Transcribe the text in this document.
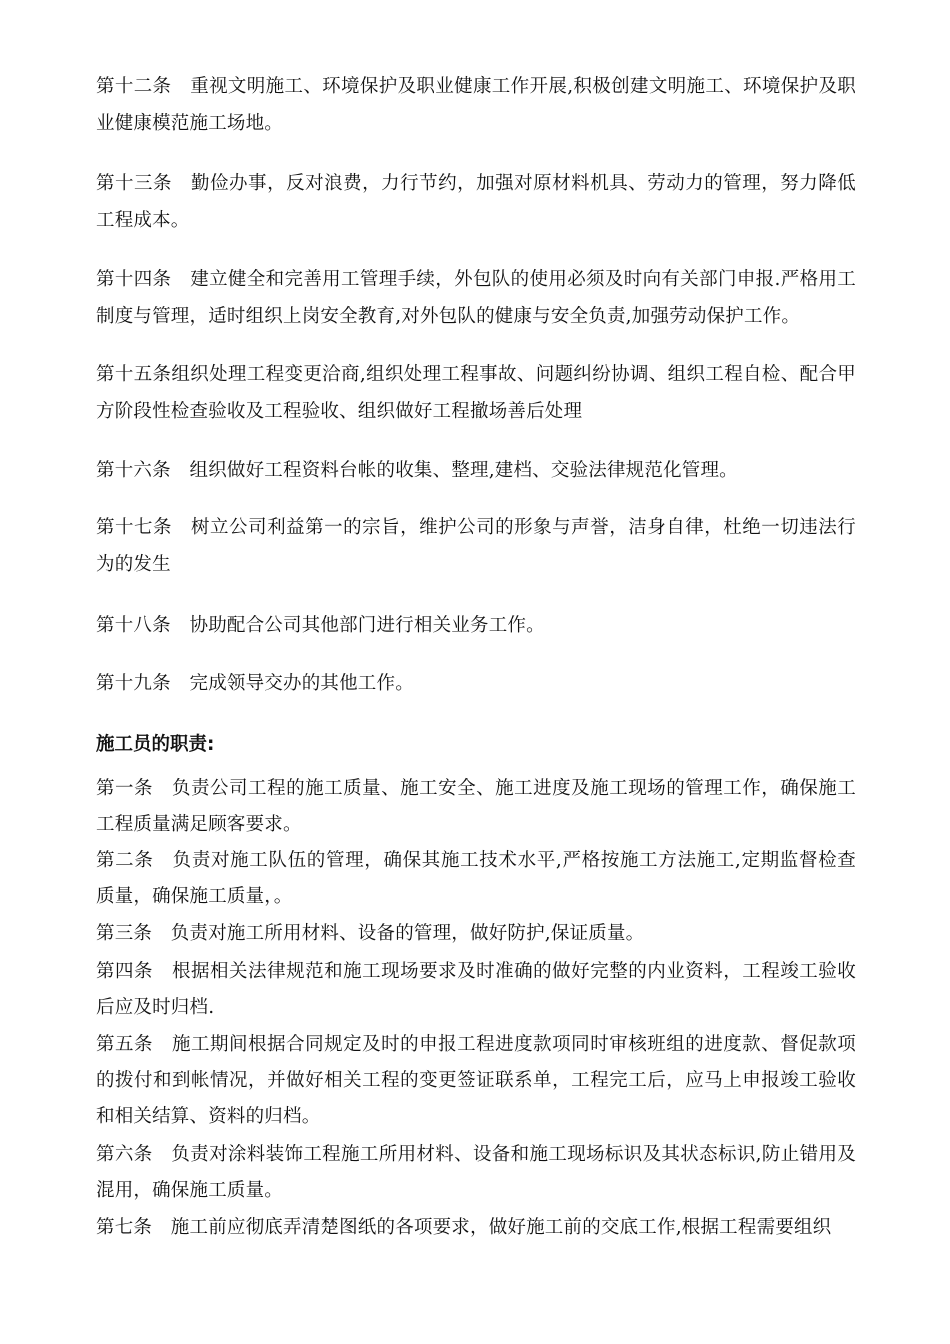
第十二条　重视文明施工、环境保护及职业健康工作开展,积极创建文明施工、环境保护及职业健康模范施工场地。

第十三条　勤俭办事，反对浪费，力行节约，加强对原材料机具、劳动力的管理，努力降低工程成本。

第十四条　建立健全和完善用工管理手续，外包队的使用必须及时向有关部门申报.严格用工制度与管理，适时组织上岗安全教育,对外包队的健康与安全负责,加强劳动保护工作。

第十五条组织处理工程变更洽商,组织处理工程事故、问题纠纷协调、组织工程自检、配合甲方阶段性检查验收及工程验收、组织做好工程撤场善后处理

第十六条　组织做好工程资料台帐的收集、整理,建档、交验法律规范化管理。

第十七条　树立公司利益第一的宗旨，维护公司的形象与声誉，洁身自律，杜绝一切违法行为的发生

第十八条　协助配合公司其他部门进行相关业务工作。

第十九条　完成领导交办的其他工作。

施工员的职责:

第一条　负责公司工程的施工质量、施工安全、施工进度及施工现场的管理工作，确保施工工程质量满足顾客要求。

第二条　负责对施工队伍的管理，确保其施工技术水平,严格按施工方法施工,定期监督检查质量，确保施工质量，。

第三条　负责对施工所用材料、设备的管理，做好防护,保证质量。

第四条　根据相关法律规范和施工现场要求及时准确的做好完整的内业资料，工程竣工验收后应及时归档.

第五条　施工期间根据合同规定及时的申报工程进度款项同时审核班组的进度款、督促款项的拨付和到帐情况，并做好相关工程的变更签证联系单，工程完工后，应马上申报竣工验收和相关结算、资料的归档。

第六条　负责对涂料装饰工程施工所用材料、设备和施工现场标识及其状态标识,防止错用及混用，确保施工质量。

第七条　施工前应彻底弄清楚图纸的各项要求，做好施工前的交底工作,根据工程需要组织
